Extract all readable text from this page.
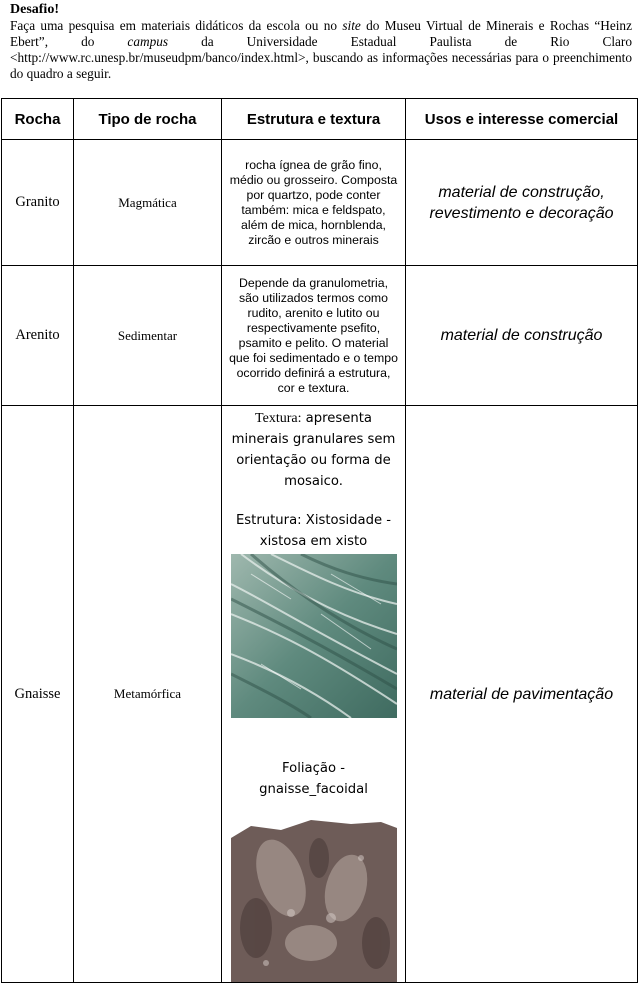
Desafio!

Faça uma pesquisa em materiais didáticos da escola ou no site do Museu Virtual de Minerais e Rochas “Heinz Ebert”, do campus da Universidade Estadual Paulista de Rio Claro <http://www.rc.unesp.br/museudpm/banco/index.html>, buscando as informações necessárias para o preenchimento do quadro a seguir.

Rocha	Tipo de rocha	Estrutura e textura	Usos e interesse comercial
Granito	Magmática	rocha ígnea de grão fino, médio ou grosseiro. Composta por quartzo, pode conter também: mica e feldspato, além de mica, hornblenda, zircão e outros minerais	material de construção, revestimento e decoração
Arenito	Sedimentar	Depende da granulometria, são utilizados termos como rudito, arenito e lutito ou respectivamente psefito, psamito e pelito. O material que foi sedimentado e o tempo ocorrido definirá a estrutura, cor e textura.	material de construção
Gnaisse	Metamórfica	Textura: apresenta minerais granulares sem orientação ou forma de mosaico.
Estrutura: Xistosidade - xistosa em xisto
Foliação - gnaisse_facoidal	material de pavimentação
